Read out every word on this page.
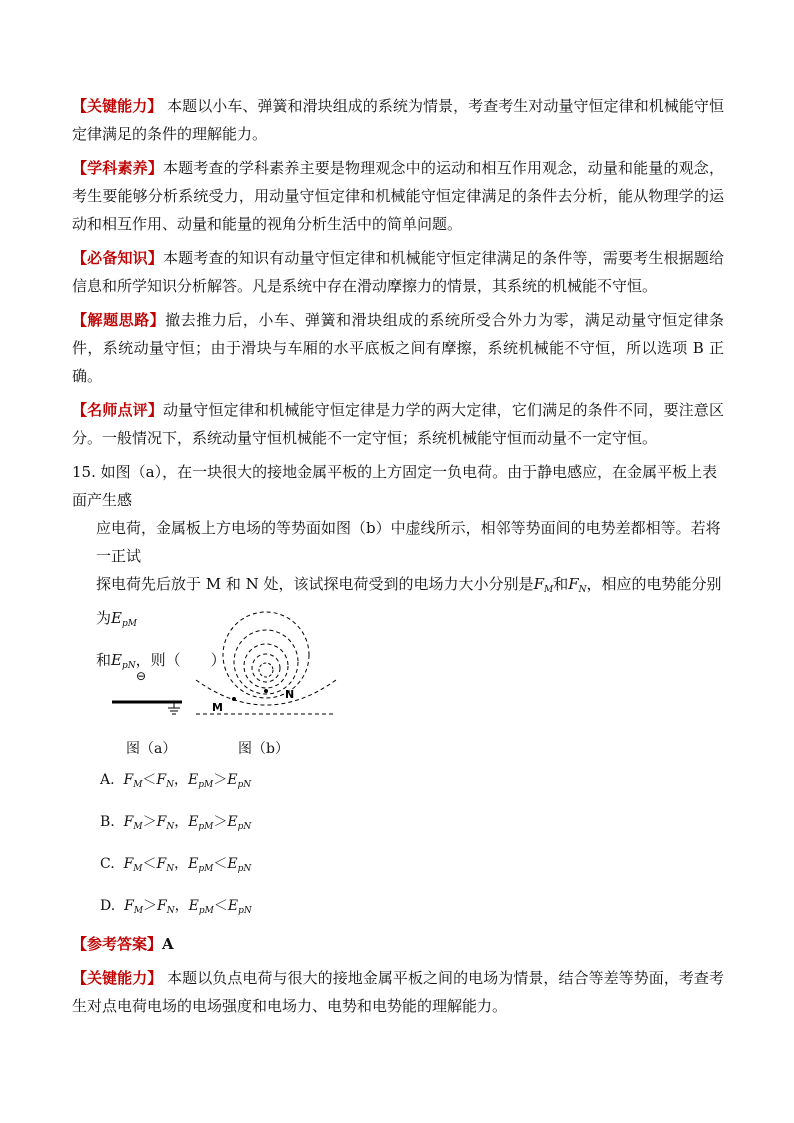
【关键能力】 本题以小车、弹簧和滑块组成的系统为情景，考查考生对动量守恒定律和机械能守恒定律满足的条件的理解能力。

【学科素养】本题考查的学科素养主要是物理观念中的运动和相互作用观念，动量和能量的观念，考生要能够分析系统受力，用动量守恒定律和机械能守恒定律满足的条件去分析，能从物理学的运动和相互作用、动量和能量的视角分析生活中的简单问题。

【必备知识】本题考查的知识有动量守恒定律和机械能守恒定律满足的条件等，需要考生根据题给信息和所学知识分析解答。凡是系统中存在滑动摩擦力的情景，其系统的机械能不守恒。

【解题思路】撤去推力后，小车、弹簧和滑块组成的系统所受合外力为零，满足动量守恒定律条件，系统动量守恒；由于滑块与车厢的水平底板之间有摩擦，系统机械能不守恒，所以选项 B 正确。

【名师点评】动量守恒定律和机械能守恒定律是力学的两大定律，它们满足的条件不同，要注意区分。一般情况下，系统动量守恒机械能不一定守恒；系统机械能守恒而动量不一定守恒。

15. 如图（a），在一块很大的接地金属平板的上方固定一负电荷。由于静电感应，在金属平板上表面产生感
应电荷，金属板上方电场的等势面如图（b）中虚线所示，相邻等势面间的电势差都相等。若将一正试
探电荷先后放于 M 和 N 处，该试探电荷受到的电场力大小分别是$F_M$和$F_N$，相应的电势能分别为$E_{pM}$
和$E_{pN}$，则（　　）
⊖
M
N
图（a）	图（b）
A. $F_M<F_N$，$E_{pM}>E_{pN}$
B. $F_M>F_N$，$E_{pM}>E_{pN}$
C. $F_M<F_N$，$E_{pM}<E_{pN}$
D. $F_M>F_N$，$E_{pM}<E_{pN}$

【参考答案】A

【关键能力】 本题以负点电荷与很大的接地金属平板之间的电场为情景，结合等差等势面，考查考生对点电荷电场的电场强度和电场力、电势和电势能的理解能力。
